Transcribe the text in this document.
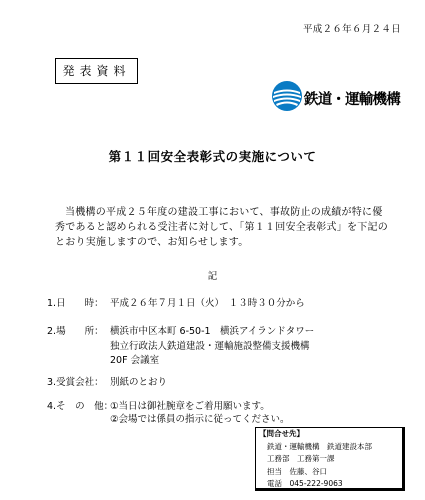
平成２６年６月２４日
発表資料
鉄道・運輸機構
第１１回安全表彰式の実施について

当機構の平成２５年度の建設工事において、事故防止の成績が特に優秀であると認められる受注者に対して、「第１１回安全表彰式」を下記のとおり実施しますので、お知らせします。

記
1.日　　時： 平成２６年７月１日（火）　１３時３０分から
2.場　　所： 横浜市中区本町 6-50-1　横浜アイランドタワー
独立行政法人鉄道建設・運輸施設整備支援機構
20F 会議室
3.受賞会社： 別紙のとおり
4.そ　の　他：①当日は御社腕章をご着用願います。
②会場では係員の指示に従ってください。
【問合せ先】
鉄道・運輸機構　鉄道建設本部
工務部　工務第一課
担当　佐藤、谷口
電話　045-222-9063
